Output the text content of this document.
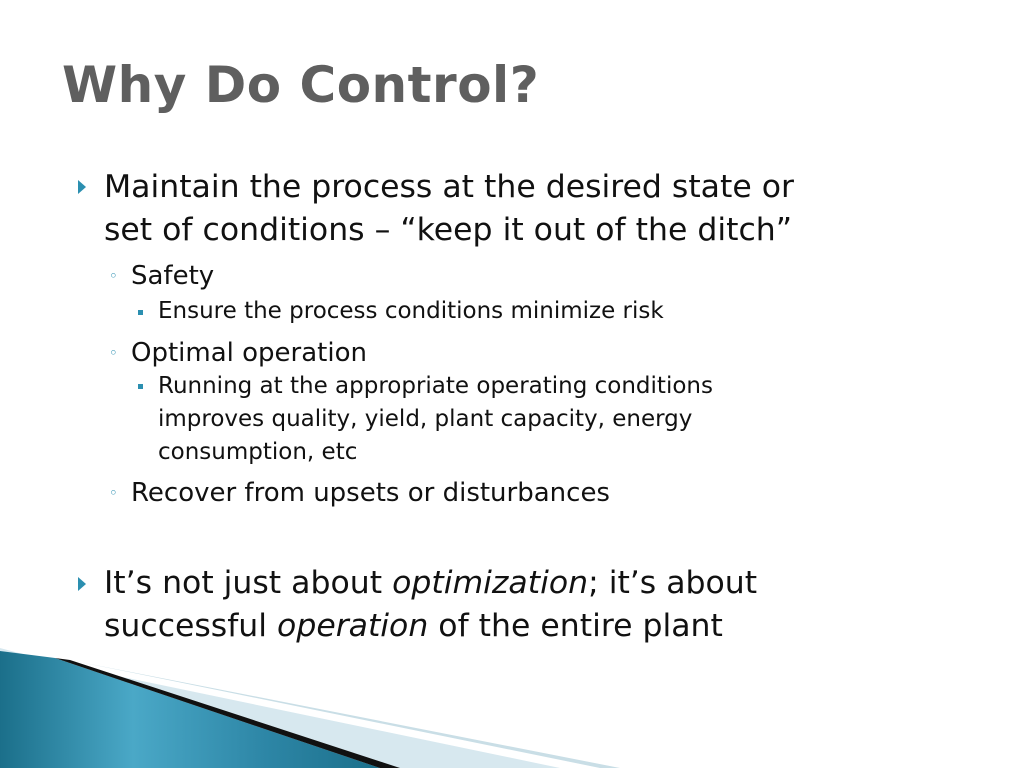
Why Do Control?
Maintain the process at the desired state or
set of conditions – “keep it out of the ditch”
◦ Safety
Ensure the process conditions minimize risk
◦ Optimal operation
Running at the appropriate operating conditions
improves quality, yield, plant capacity, energy
consumption, etc
◦ Recover from upsets or disturbances
It’s not just about optimization; it’s about
successful operation of the entire plant
